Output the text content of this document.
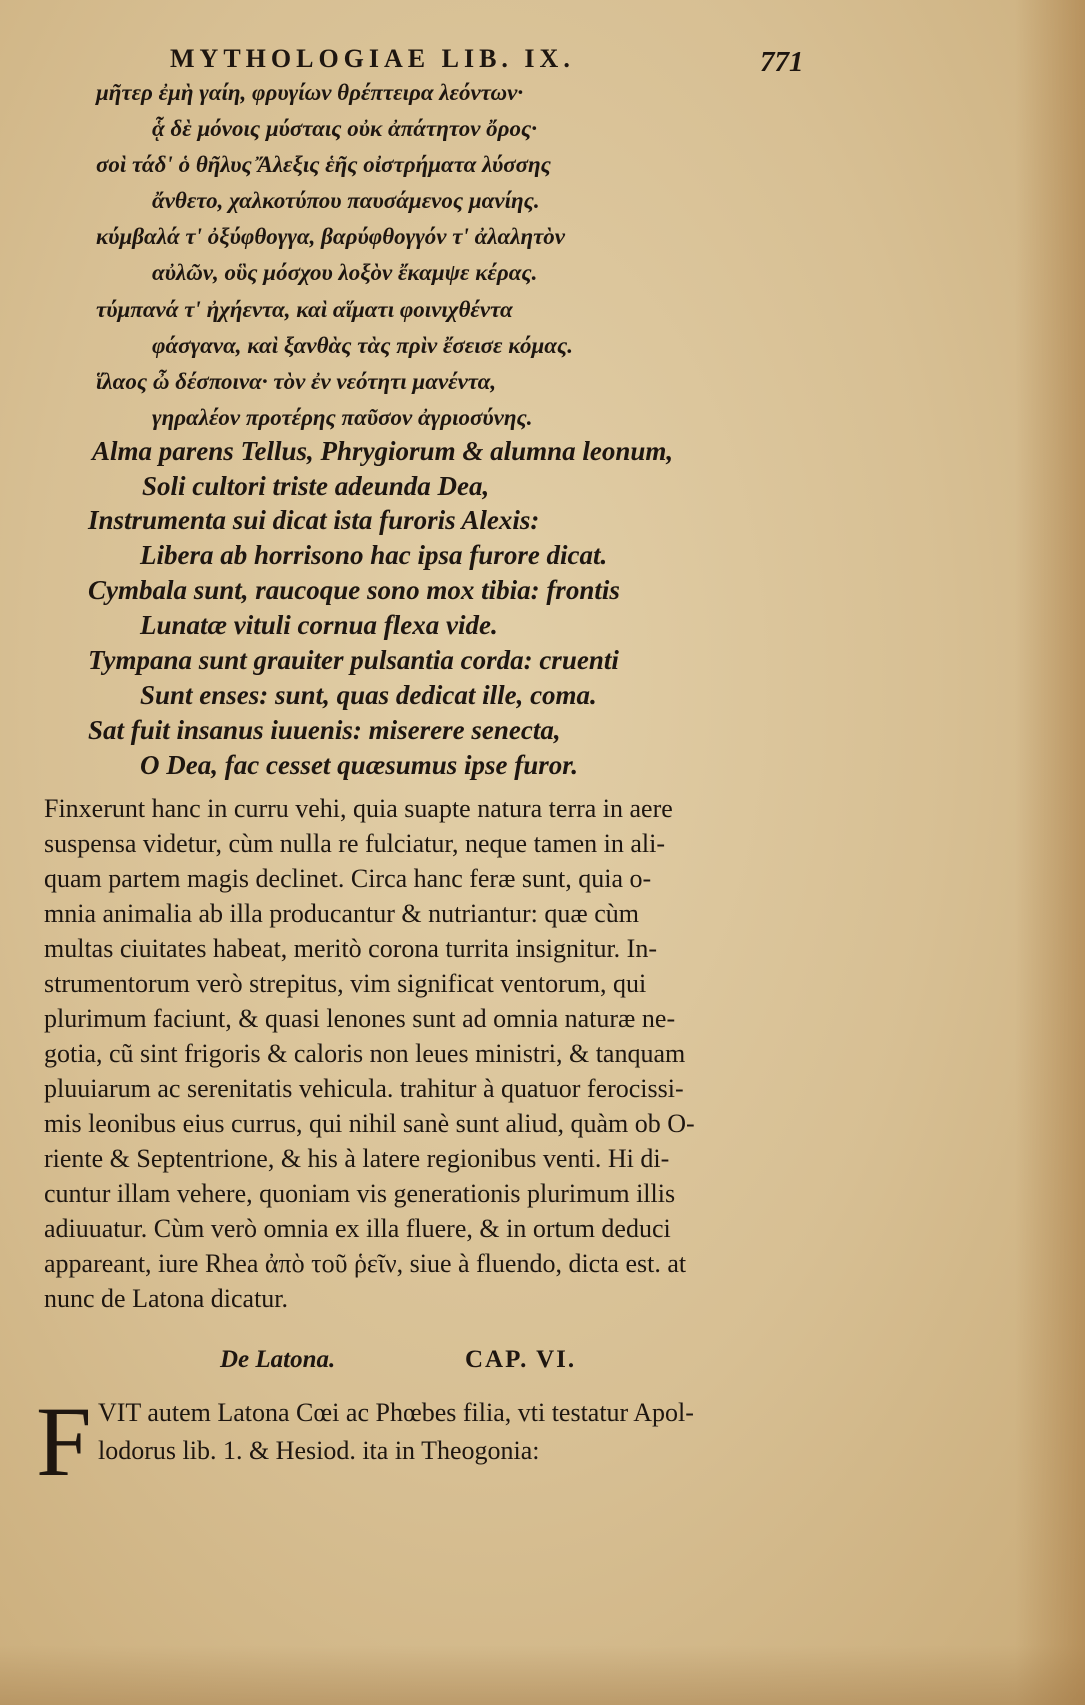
MYTHOLOGIAE LIB. IX.	771
μῆτερ ἐμὴ γαίη, φρυγίων θρέπτειρα λεόντων·
ᾇ δὲ μόνοις μύσταις οὐκ ἀπάτητον ὄρος·
σοὶ τάδ' ὁ θῆλυς Ἄλεξις ἑῆς οἰστρήματα λύσσης
ἄνθετο, χαλκοτύπου παυσάμενος μανίης.
κύμβαλά τ' ὀξύφθογγα, βαρύφθογγόν τ' ἀλαλητὸν
αὐλῶν, οὓς μόσχου λοξὸν ἔκαμψε κέρας.
τύμπανά τ' ἠχήεντα, καὶ αἵματι φοινιχθέντα
φάσγανα, καὶ ξανθὰς τὰς πρὶν ἔσεισε κόμας.
ἵλαος ὦ δέσποινα· τὸν ἐν νεότητι μανέντα,
γηραλέον προτέρης παῦσον ἀγριοσύνης.
Alma parens Tellus, Phrygiorum & alumna leonum,
Soli cultori triste adeunda Dea,
Instrumenta sui dicat ista furoris Alexis:
Libera ab horrisono hac ipsa furore dicat.
Cymbala sunt, raucoque sono mox tibia: frontis
Lunatæ vituli cornua flexa vide.
Tympana sunt grauiter pulsantia corda: cruenti
Sunt enses: sunt, quas dedicat ille, coma.
Sat fuit insanus iuuenis: miserere senecta,
O Dea, fac cesset quæsumus ipse furor.
Finxerunt hanc in curru vehi, quia suapte natura terra in aere
suspensa videtur, cùm nulla re fulciatur, neque tamen in ali-
quam partem magis declinet. Circa hanc feræ sunt, quia o-
mnia animalia ab illa producantur & nutriantur: quæ cùm
multas ciuitates habeat, meritò corona turrita insignitur. In-
strumentorum verò strepitus, vim significat ventorum, qui
plurimum faciunt, & quasi lenones sunt ad omnia naturæ ne-
gotia, cũ sint frigoris & caloris non leues ministri, & tanquam
pluuiarum ac serenitatis vehicula. trahitur à quatuor ferocissi-
mis leonibus eius currus, qui nihil sanè sunt aliud, quàm ob O-
riente & Septentrione, & his à latere regionibus venti. Hi di-
cuntur illam vehere, quoniam vis generationis plurimum illis
adiuuatur. Cùm verò omnia ex illa fluere, & in ortum deduci
appareant, iure Rhea ἀπὸ τοῦ ῥεῖν, siue à fluendo, dicta est. at
nunc de Latona dicatur.
De Latona.	CAP. VI.
F VIT autem Latona Cœi ac Phœbes filia, vti testatur Apol-
lodorus lib. 1. & Hesiod. ita in Theogonia:
